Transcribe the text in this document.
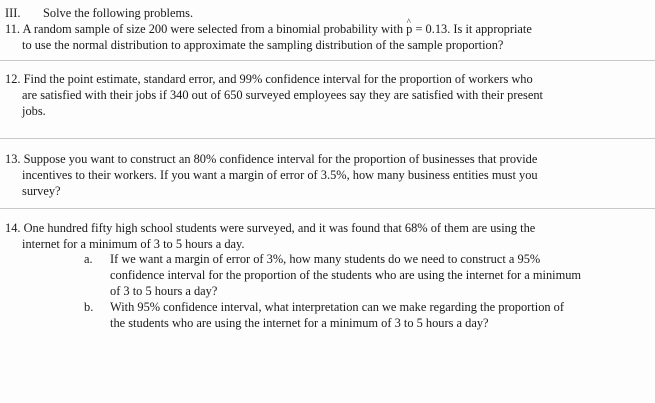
III. Solve the following problems.
11. A random sample of size 200 were selected from a binomial probability with ^ p = 0.13. Is it appropriate
to use the normal distribution to approximate the sampling distribution of the sample proportion?
12. Find the point estimate, standard error, and 99% confidence interval for the proportion of workers who
are satisfied with their jobs if 340 out of 650 surveyed employees say they are satisfied with their present
jobs.
13. Suppose you want to construct an 80% confidence interval for the proportion of businesses that provide
incentives to their workers. If you want a margin of error of 3.5%, how many business entities must you
survey?
14. One hundred fifty high school students were surveyed, and it was found that 68% of them are using the
internet for a minimum of 3 to 5 hours a day.
a. If we want a margin of error of 3%, how many students do we need to construct a 95%
confidence interval for the proportion of the students who are using the internet for a minimum
of 3 to 5 hours a day?
b. With 95% confidence interval, what interpretation can we make regarding the proportion of
the students who are using the internet for a minimum of 3 to 5 hours a day?
